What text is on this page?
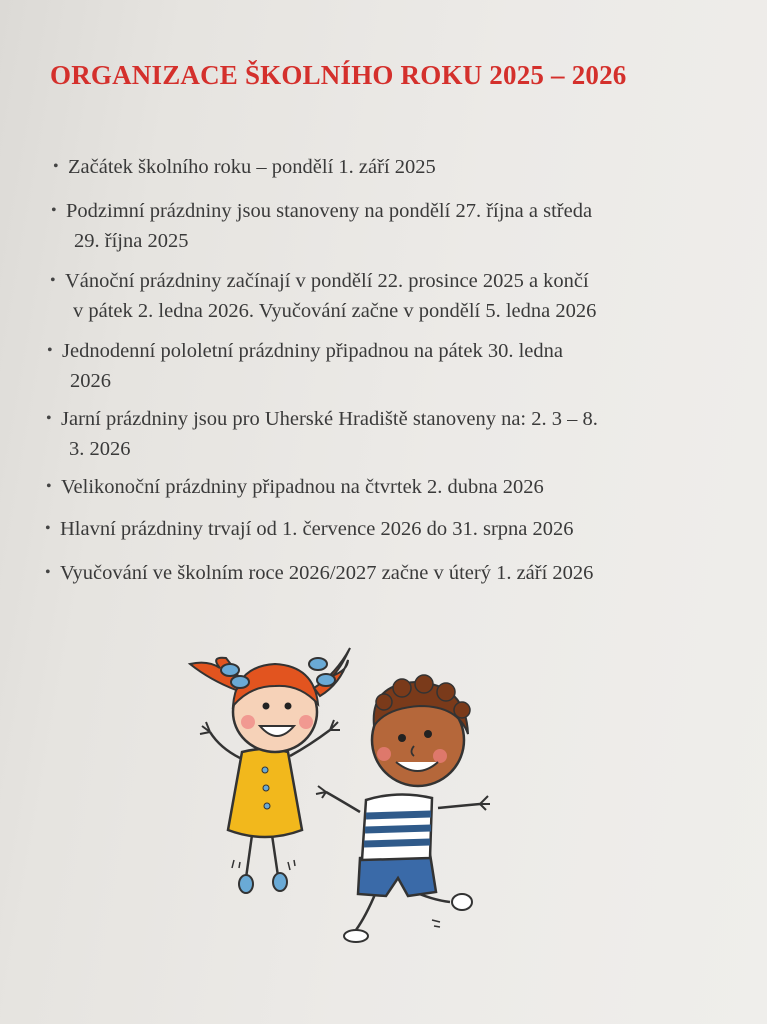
ORGANIZACE ŠKOLNÍHO ROKU 2025 – 2026
• Začátek školního roku – pondělí 1. září 2025
• Podzimní prázdniny jsou stanoveny na pondělí 27. října a středa
29. října 2025
• Vánoční prázdniny začínají v pondělí 22. prosince 2025 a končí
v pátek 2. ledna 2026. Vyučování začne v pondělí 5. ledna 2026
• Jednodenní pololetní prázdniny připadnou na pátek 30. ledna
2026
• Jarní prázdniny jsou pro Uherské Hradiště stanoveny na: 2. 3 – 8.
3. 2026
• Velikonoční prázdniny připadnou na čtvrtek 2. dubna 2026
• Hlavní prázdniny trvají od 1. července 2026 do 31. srpna 2026
• Vyučování ve školním roce 2026/2027 začne v úterý 1. září 2026
